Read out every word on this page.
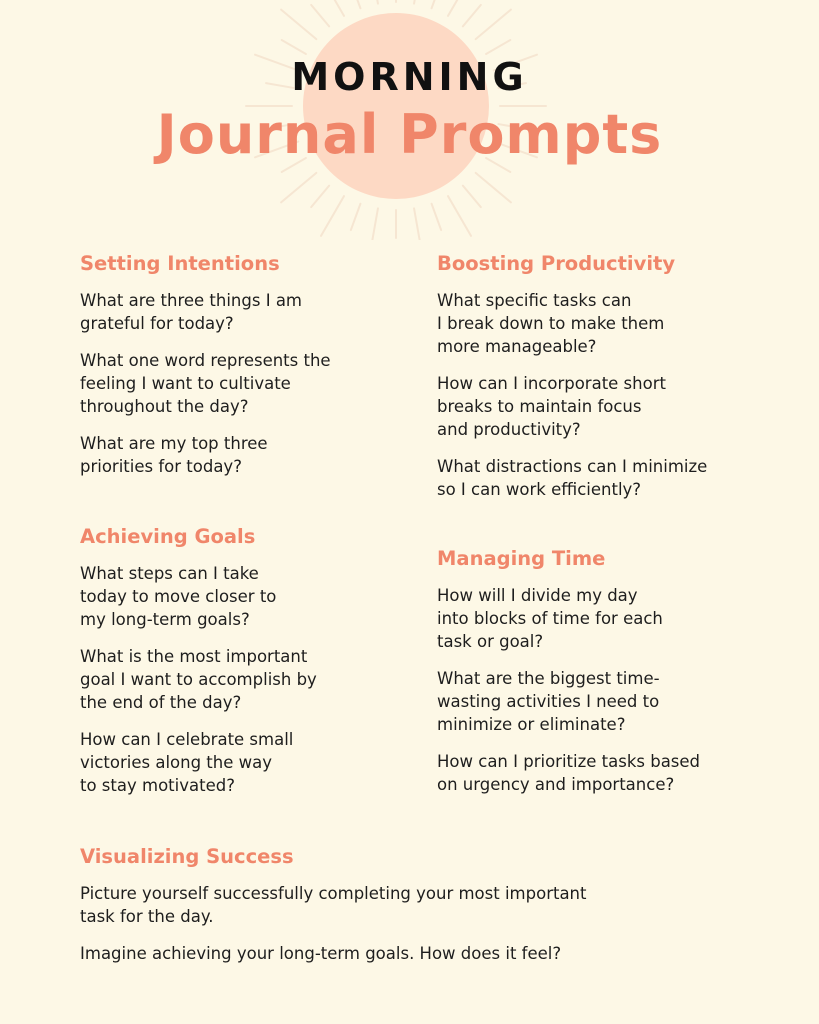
MORNING
Journal Prompts
Setting Intentions

What are three things I am
grateful for today?

What one word represents the
feeling I want to cultivate
throughout the day?

What are my top three
priorities for today?

Achieving Goals

What steps can I take
today to move closer to
my long-term goals?

What is the most important
goal I want to accomplish by
the end of the day?

How can I celebrate small
victories along the way
to stay motivated?

Boosting Productivity

What specific tasks can
I break down to make them
more manageable?

How can I incorporate short
breaks to maintain focus
and productivity?

What distractions can I minimize
so I can work efficiently?

Managing Time

How will I divide my day
into blocks of time for each
task or goal?

What are the biggest time-
wasting activities I need to
minimize or eliminate?

How can I prioritize tasks based
on urgency and importance?

Visualizing Success

Picture yourself successfully completing your most important
task for the day.

Imagine achieving your long-term goals. How does it feel?
